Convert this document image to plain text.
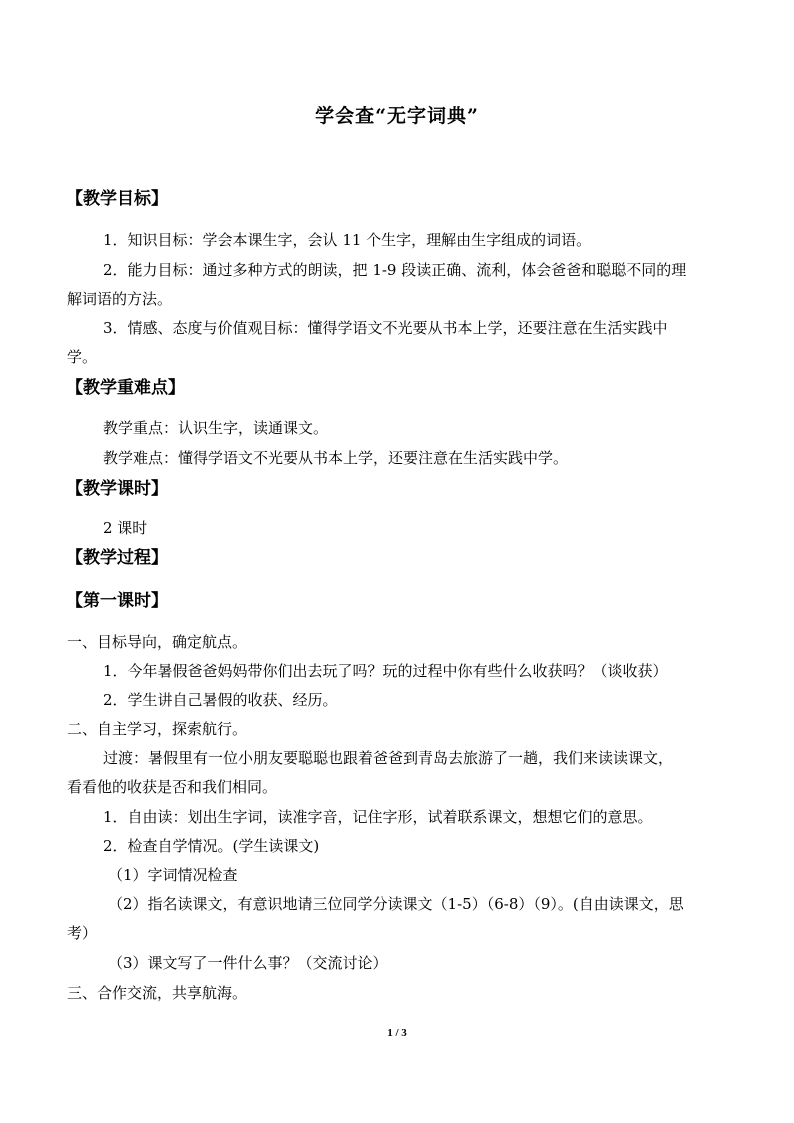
学会查“无字词典”
【教学目标】
1．知识目标：学会本课生字，会认 11 个生字，理解由生字组成的词语。
2．能力目标：通过多种方式的朗读，把 1-9 段读正确、流利，体会爸爸和聪聪不同的理
解词语的方法。
3．情感、态度与价值观目标：懂得学语文不光要从书本上学，还要注意在生活实践中
学。
【教学重难点】
教学重点：认识生字，读通课文。
教学难点：懂得学语文不光要从书本上学，还要注意在生活实践中学。
【教学课时】
2 课时
【教学过程】
【第一课时】
一、目标导向，确定航点。
1．今年暑假爸爸妈妈带你们出去玩了吗？玩的过程中你有些什么收获吗？（谈收获）
2．学生讲自己暑假的收获、经历。
二、自主学习，探索航行。
过渡：暑假里有一位小朋友要聪聪也跟着爸爸到青岛去旅游了一趟，我们来读读课文，
看看他的收获是否和我们相同。
1．自由读：划出生字词，读准字音，记住字形，试着联系课文，想想它们的意思。
2．检查自学情况。(学生读课文)
（1）字词情况检查
（2）指名读课文，有意识地请三位同学分读课文（1-5）（6-8）（9）。(自由读课文，思
考）
（3）课文写了一件什么事？（交流讨论）
三、合作交流，共享航海。
1 / 3
